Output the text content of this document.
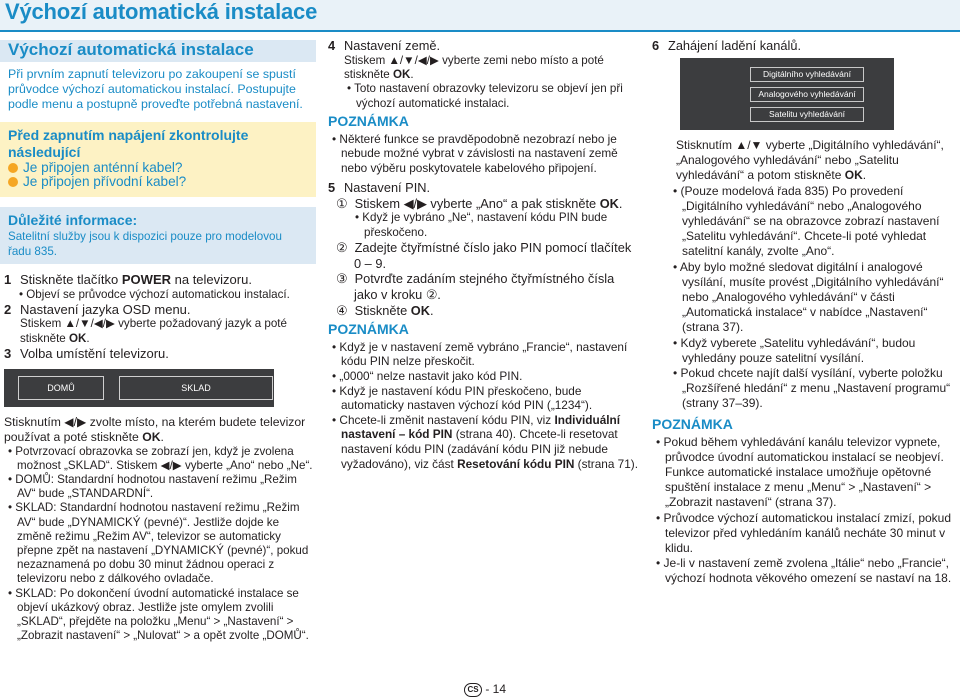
Výchozí automatická instalace
Výchozí automatická instalace
Při prvním zapnutí televizoru po zakoupení se spustí průvodce výchozí automatickou instalací. Postupujte podle menu a postupně proveďte potřebná nastavení.
Před zapnutím napájení zkontrolujte následující
Je připojen anténní kabel?
Je připojen přívodní kabel?
Důležité informace:
Satelitní služby jsou k dispozici pouze pro modelovou řadu 835.
1 Stiskněte tlačítko POWER na televizoru.
• Objeví se průvodce výchozí automatickou instalací.
2 Nastavení jazyka OSD menu.
Stiskem ▲/▼/◀/▶ vyberte požadovaný jazyk a poté stiskněte OK.
3 Volba umístění televizoru.
DOMŮ	SKLAD
Stisknutím ◀/▶ zvolte místo, na kterém budete televizor používat a poté stiskněte OK.
• Potvrzovací obrazovka se zobrazí jen, když je zvolena možnost „SKLAD“. Stiskem ◀/▶ vyberte „Ano“ nebo „Ne“.
• DOMŮ: Standardní hodnotou nastavení režimu „Režim AV“ bude „STANDARDNÍ“.
• SKLAD: Standardní hodnotou nastavení režimu „Režim AV“ bude „DYNAMICKÝ (pevné)“. Jestliže dojde ke změně režimu „Režim AV“, televizor se automaticky přepne zpět na nastavení „DYNAMICKÝ (pevné)“, pokud nezaznamená po dobu 30 minut žádnou operaci z televizoru nebo z dálkového ovladače.
• SKLAD: Po dokončení úvodní automatické instalace se objeví ukázkový obraz. Jestliže jste omylem zvolili „SKLAD“, přejděte na položku „Menu“ > „Nastavení“ > „Zobrazit nastavení“ > „Nulovat“ > a opět zvolte „DOMŮ“.
4 Nastavení země.
Stiskem ▲/▼/◀/▶ vyberte zemi nebo místo a poté stiskněte OK.
• Toto nastavení obrazovky televizoru se objeví jen při výchozí automatické instalaci.
POZNÁMKA
• Některé funkce se pravděpodobně nezobrazí nebo je nebude možné vybrat v závislosti na nastavení země nebo výběru poskytovatele kabelového připojení.
5 Nastavení PIN.
① Stiskem ◀/▶ vyberte „Ano“ a pak stiskněte OK.
• Když je vybráno „Ne“, nastavení kódu PIN bude přeskočeno.
② Zadejte čtyřmístné číslo jako PIN pomocí tlačítek 0 – 9.
③ Potvrďte zadáním stejného čtyřmístného čísla jako v kroku ②.
④ Stiskněte OK.
POZNÁMKA
• Když je v nastavení země vybráno „Francie“, nastavení kódu PIN nelze přeskočit.
• „0000“ nelze nastavit jako kód PIN.
• Když je nastavení kódu PIN přeskočeno, bude automaticky nastaven výchozí kód PIN („1234“).
• Chcete-li změnit nastavení kódu PIN, viz Individuální nastavení – kód PIN (strana 40). Chcete-li resetovat nastavení kódu PIN (zadávání kódu PIN již nebude vyžadováno), viz část Resetování kódu PIN (strana 71).
6 Zahájení ladění kanálů.
Digitálního vyhledávání
Analogového vyhledávání
Satelitu vyhledávání
Stisknutím ▲/▼ vyberte „Digitálního vyhledávání“, „Analogového vyhledávání“ nebo „Satelitu vyhledávání“ a potom stiskněte OK.
• (Pouze modelová řada 835) Po provedení „Digitálního vyhledávání“ nebo „Analogového vyhledávání“ se na obrazovce zobrazí nastavení „Satelitu vyhledávání“. Chcete-li poté vyhledat satelitní kanály, zvolte „Ano“.
• Aby bylo možné sledovat digitální i analogové vysílání, musíte provést „Digitálního vyhledávání“ nebo „Analogového vyhledávání“ v části „Automatická instalace“ v nabídce „Nastavení“ (strana 37).
• Když vyberete „Satelitu vyhledávání“, budou vyhledány pouze satelitní vysílání.
• Pokud chcete najít další vysílání, vyberte položku „Rozšířené hledání“ z menu „Nastavení programu“ (strany 37–39).
POZNÁMKA
• Pokud během vyhledávání kanálu televizor vypnete, průvodce úvodní automatickou instalací se neobjeví. Funkce automatické instalace umožňuje opětovné spuštění instalace z menu „Menu“ > „Nastavení“ > „Zobrazit nastavení“ (strana 37).
• Průvodce výchozí automatickou instalací zmizí, pokud televizor před vyhledáním kanálů necháte 30 minut v klidu.
• Je-li v nastavení země zvolena „Itálie“ nebo „Francie“, výchozí hodnota věkového omezení se nastaví na 18.
CS - 14
